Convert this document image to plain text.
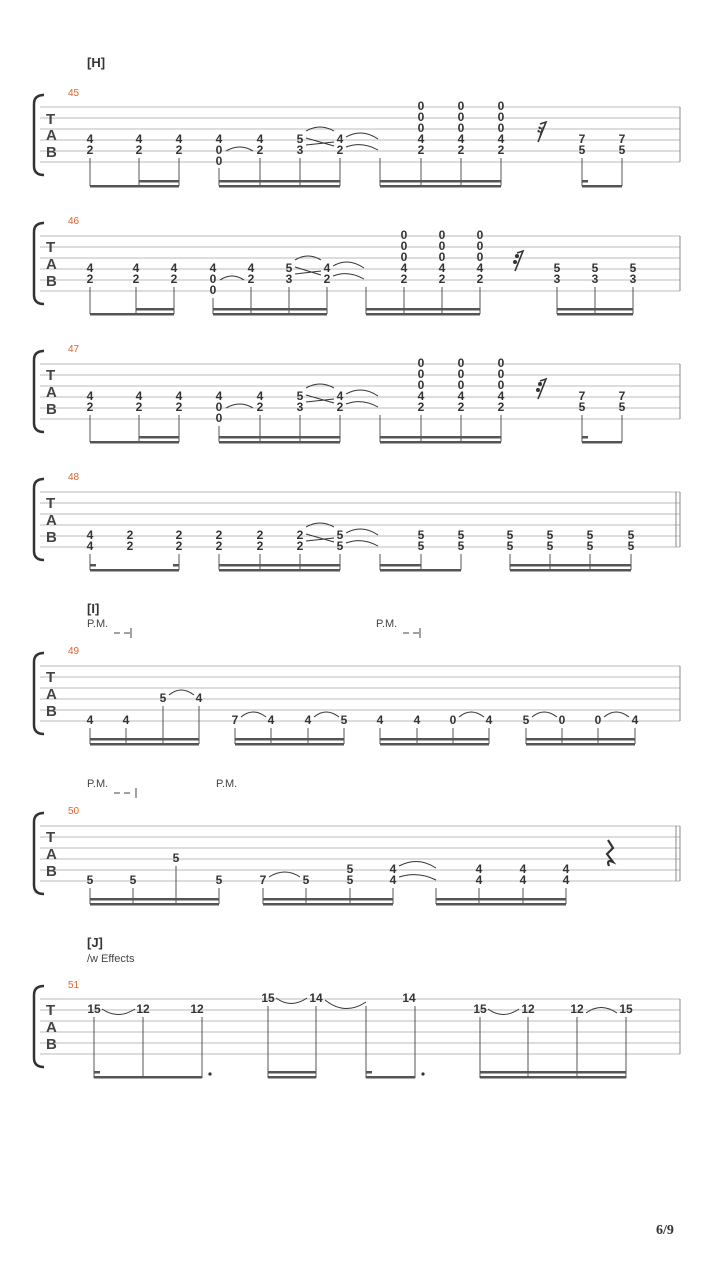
[H]
45
T
A
B
4
2
4
2
4
2
4
0
0
4
2
5
3
4
2
0
0
0
4
2
0
0
0
4
2
0
0
0
4
2
7
5
7
5
𝄿
46
T
A
B
4
2
4
2
4
2
4
0
0
4
2
5
3
4
2
0
0
0
4
2
0
0
0
4
2
0
0
0
4
2
5
3
5
3
5
3
47
T
A
B
4
2
4
2
4
2
4
0
0
4
2
5
3
4
2
0
0
0
4
2
0
0
0
4
2
0
0
0
4
2
7
5
7
5
48
T
A
B 4
4
2
2
2
2
2
2
2
2
2
2
5
5
5
5
5
5
5
5
5
5
5
5
5
5
[I]
P.M.	P.M.
49
T
A
B 4 4
5 4
7 4	4 5 4	4 0 4	5 0 0	4
P.M.	P.M.
50
T
A
B 5	5
5
5	7	5
5
5
4
4
4
4
4
4
4
4
[J]
/w Effects
51
T
A
B
15	12	12
15	14	14
15	12	12	15
6/9
